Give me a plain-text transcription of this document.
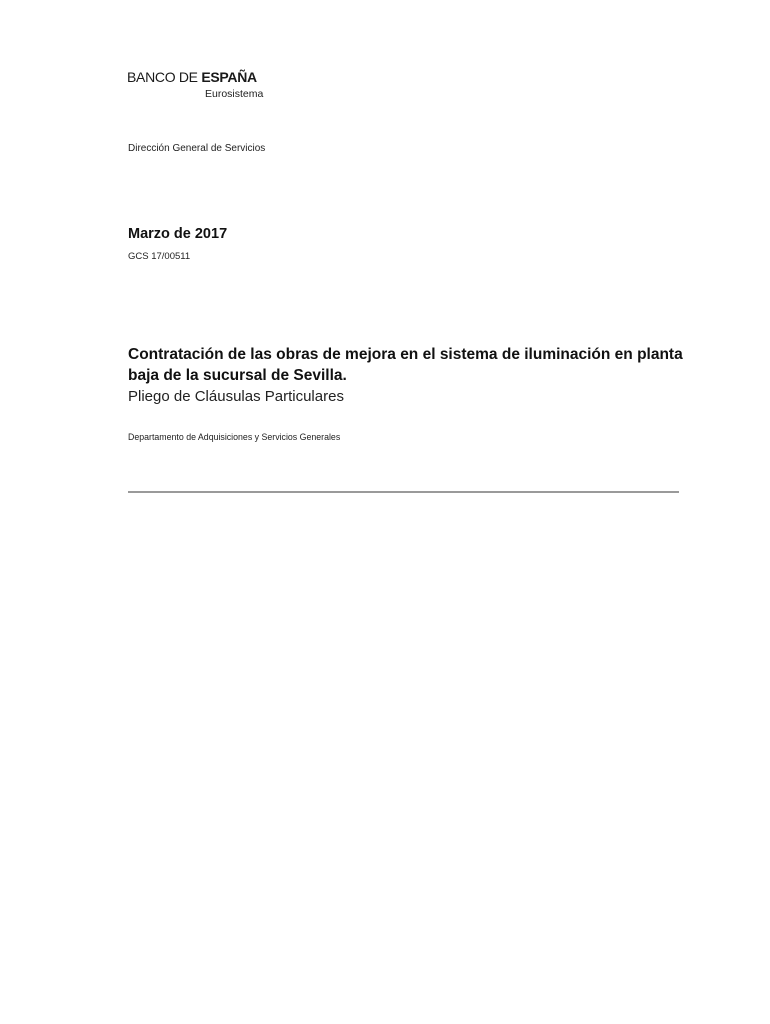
BANCO DE ESPAÑA
Eurosistema
Dirección General de Servicios
Marzo de 2017
GCS 17/00511
Contratación de las obras de mejora en el sistema de iluminación en planta baja de la sucursal de Sevilla.
Pliego de Cláusulas Particulares
Departamento de Adquisiciones y Servicios Generales
